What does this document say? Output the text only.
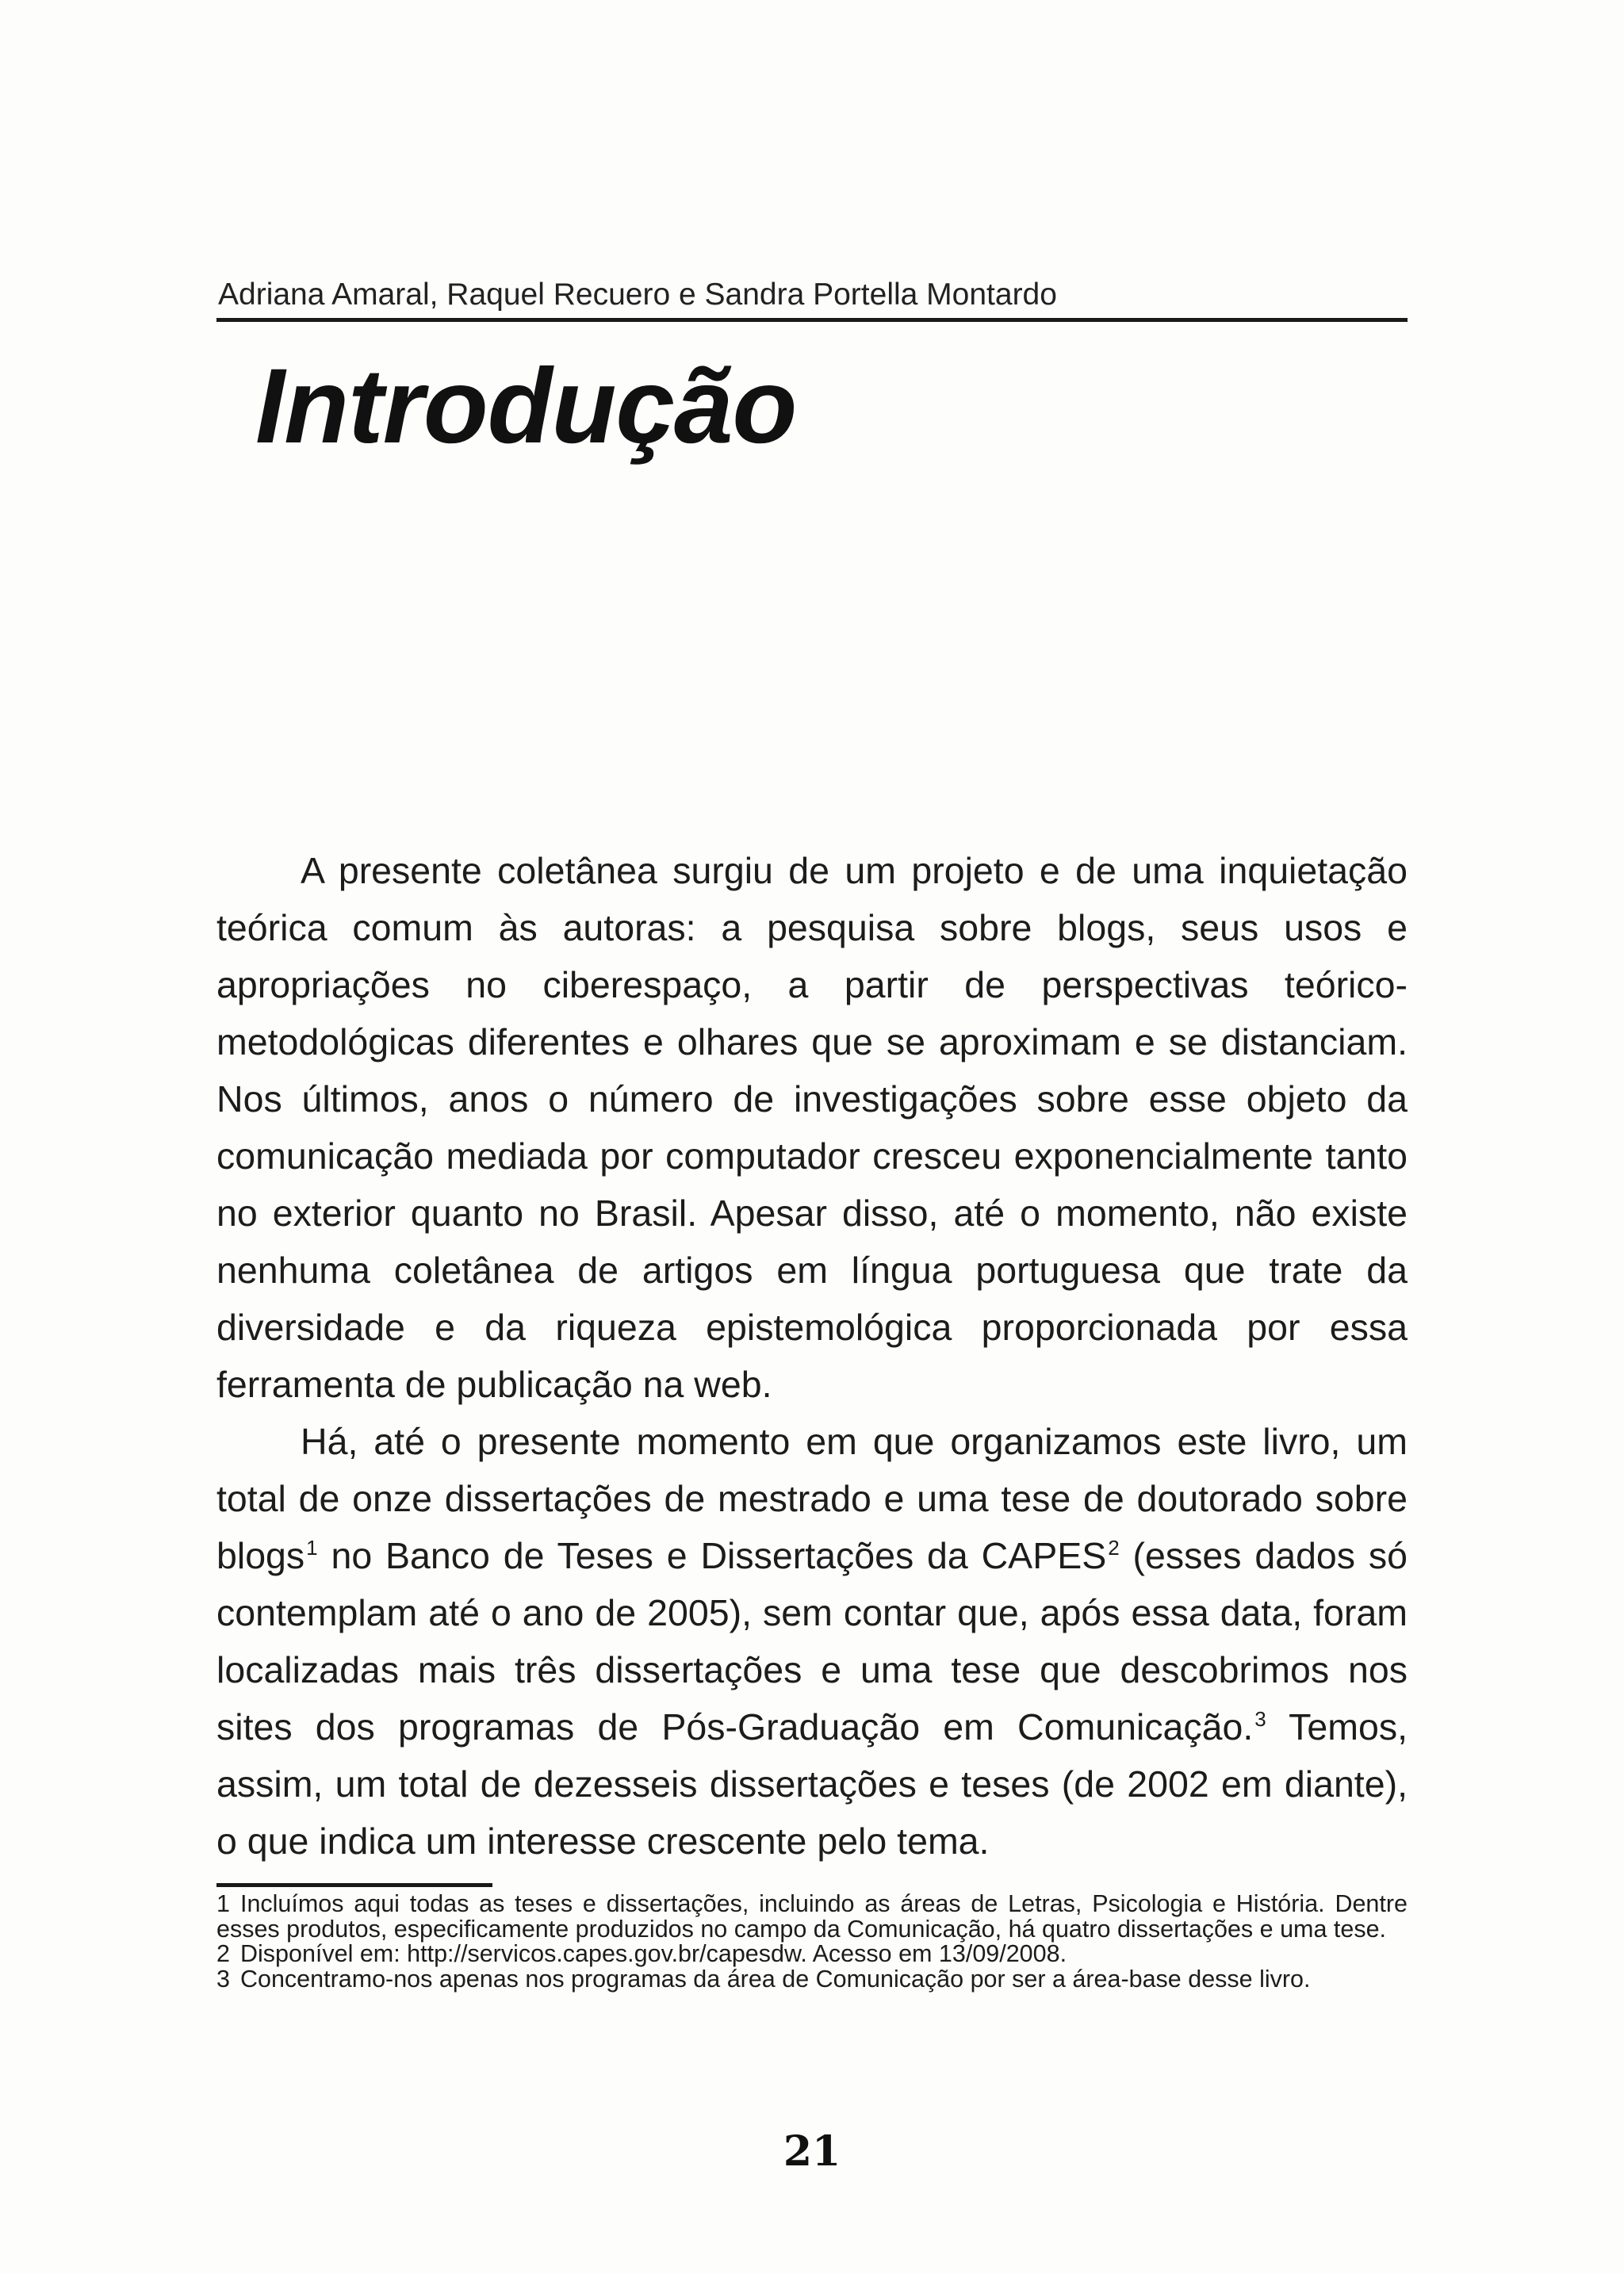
Adriana Amaral, Raquel Recuero e Sandra Portella Montardo
Introdução

A presente coletânea surgiu de um projeto e de uma inquietação teórica comum às autoras: a pesquisa sobre blogs, seus usos e apropriações no ciberespaço, a partir de perspectivas teórico-metodológicas diferentes e olhares que se aproximam e se distanciam. Nos últimos, anos o número de investigações sobre esse objeto da comunicação mediada por computador cresceu exponencialmente tanto no exterior quanto no Brasil. Apesar disso, até o momento, não existe nenhuma coletânea de artigos em língua portuguesa que trate da diversidade e da riqueza epistemológica proporcionada por essa ferramenta de publicação na web.

Há, até o presente momento em que organizamos este livro, um total de onze dissertações de mestrado e uma tese de doutorado sobre blogs$^1$ no Banco de Teses e Dissertações da CAPES$^2$ (esses dados só contemplam até o ano de 2005), sem contar que, após essa data, foram localizadas mais três dissertações e uma tese que descobrimos nos sites dos programas de Pós-Graduação em Comunicação.$^3$ Temos, assim, um total de dezesseis dissertações e teses (de 2002 em diante), o que indica um interesse crescente pelo tema.

1 Incluímos aqui todas as teses e dissertações, incluindo as áreas de Letras, Psicologia e História. Dentre esses produtos, especificamente produzidos no campo da Comunicação, há quatro dissertações e uma tese.

2 Disponível em: http://servicos.capes.gov.br/capesdw. Acesso em 13/09/2008.

3 Concentramo-nos apenas nos programas da área de Comunicação por ser a área-base desse livro.

21
